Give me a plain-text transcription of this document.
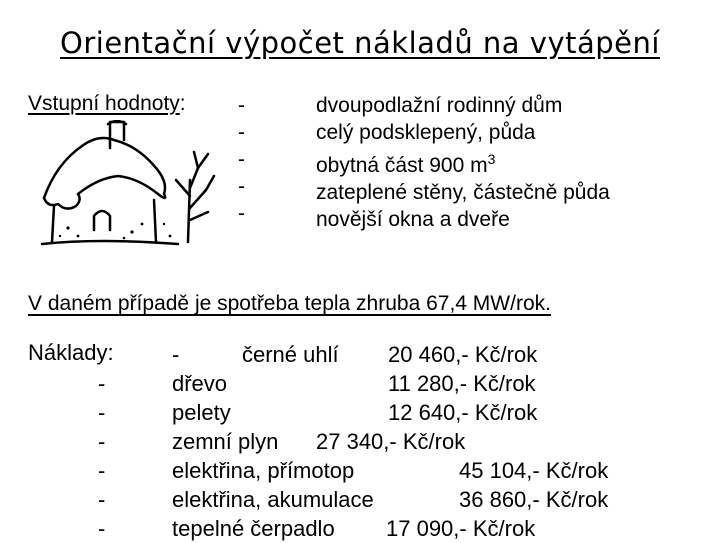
Orientační výpočet nákladů na vytápění
Vstupní hodnoty: -
-
-
-
-
dvoupodlažní rodinný dům
celý podsklepený, půda
obytná část 900 $m^3$
zateplené stěny, částečně půda
novější okna a dveře
V daném případě je spotřeba tepla zhruba 67,4 MW/rok.
Náklady:
-
-
-
-
-
-
-	černé uhlí 20 460,- Kč/rok
dřevo	11 280,- Kč/rok
pelety	12 640,- Kč/rok
zemní plyn 27 340,- Kč/rok
elektřina, přímotop	45 104,- Kč/rok
elektřina, akumulace	36 860,- Kč/rok
tepelné čerpadlo 17 090,- Kč/rok
